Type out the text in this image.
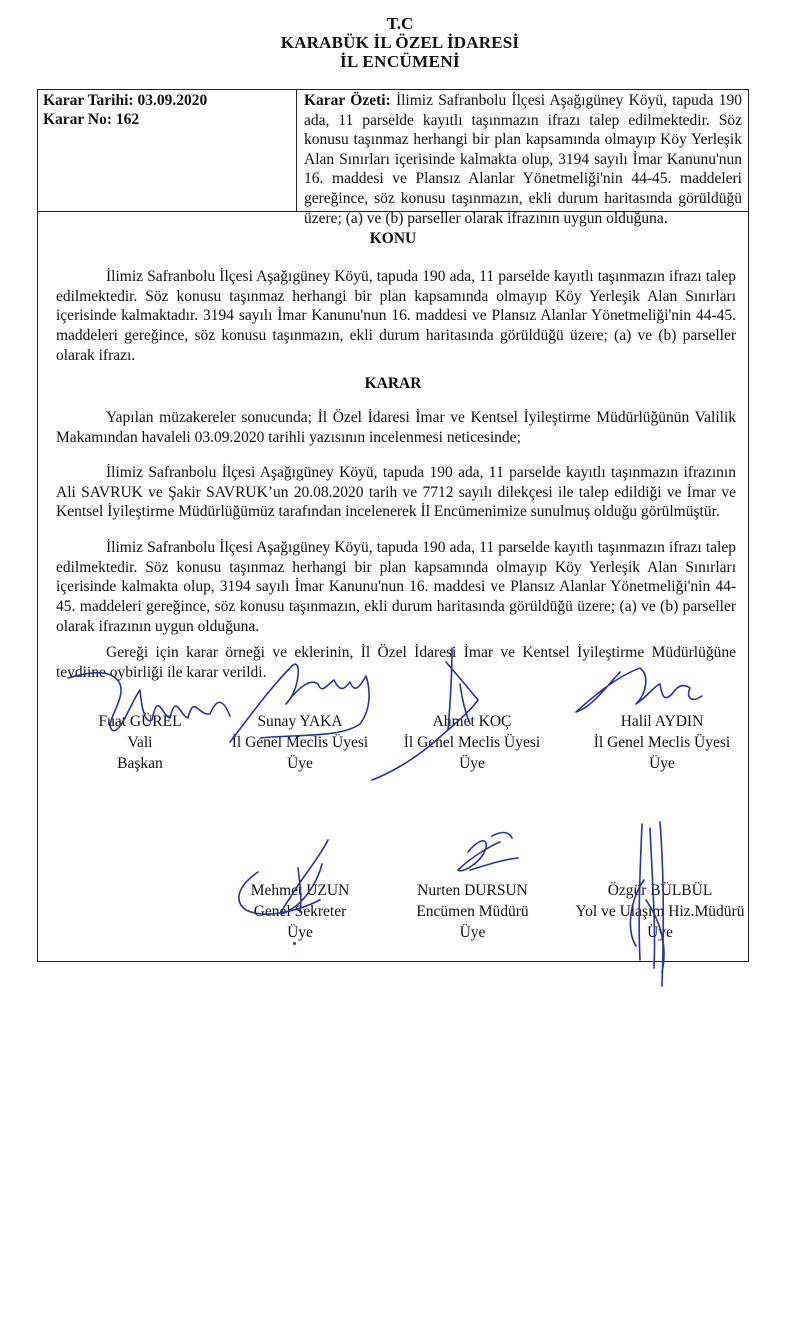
T.C
KARABÜK İL ÖZEL İDARESİ
İL ENCÜMENİ
Karar Tarihi: 03.09.2020
Karar No: 162
Karar Özeti: İlimiz Safranbolu İlçesi Aşağıgüney Köyü, tapuda 190 ada, 11 parselde kayıtlı taşınmazın ifrazı talep edilmektedir. Söz konusu taşınmaz herhangi bir plan kapsamında olmayıp Köy Yerleşik Alan Sınırları içerisinde kalmakta olup, 3194 sayılı İmar Kanunu'nun 16. maddesi ve Plansız Alanlar Yönetmeliği'nin 44-45. maddeleri gereğince, söz konusu taşınmazın, ekli durum haritasında görüldüğü üzere; (a) ve (b) parseller olarak ifrazının uygun olduğuna.
KONU
İlimiz Safranbolu İlçesi Aşağıgüney Köyü, tapuda 190 ada, 11 parselde kayıtlı taşınmazın ifrazı talep edilmektedir. Söz konusu taşınmaz herhangi bir plan kapsamında olmayıp Köy Yerleşik Alan Sınırları içerisinde kalmaktadır. 3194 sayılı İmar Kanunu'nun 16. maddesi ve Plansız Alanlar Yönetmeliği'nin 44-45. maddeleri gereğince, söz konusu taşınmazın, ekli durum haritasında görüldüğü üzere; (a) ve (b) parseller olarak ifrazı.
KARAR
Yapılan müzakereler sonucunda; İl Özel İdaresi İmar ve Kentsel İyileştirme Müdürlüğünün Valilik Makamından havaleli 03.09.2020 tarihli yazısının incelenmesi neticesinde;
İlimiz Safranbolu İlçesi Aşağıgüney Köyü, tapuda 190 ada, 11 parselde kayıtlı taşınmazın ifrazının Ali SAVRUK ve Şakir SAVRUK’un 20.08.2020 tarih ve 7712 sayılı dilekçesi ile talep edildiği ve İmar ve Kentsel İyileştirme Müdürlüğümüz tarafından incelenerek İl Encümenimize sunulmuş olduğu görülmüştür.
İlimiz Safranbolu İlçesi Aşağıgüney Köyü, tapuda 190 ada, 11 parselde kayıtlı taşınmazın ifrazı talep edilmektedir. Söz konusu taşınmaz herhangi bir plan kapsamında olmayıp Köy Yerleşik Alan Sınırları içerisinde kalmakta olup, 3194 sayılı İmar Kanunu'nun 16. maddesi ve Plansız Alanlar Yönetmeliği'nin 44-45. maddeleri gereğince, söz konusu taşınmazın, ekli durum haritasında görüldüğü üzere; (a) ve (b) parseller olarak ifrazının uygun olduğuna.
Gereği için karar örneği ve eklerinin, İl Özel İdaresi İmar ve Kentsel İyileştirme Müdürlüğüne tevdiine oybirliği ile karar verildi.
Fuat GÜREL
Vali
Başkan
Sunay YAKA
İl Genel Meclis Üyesi
Üye
Ahmet KOÇ
İl Genel Meclis Üyesi
Üye
Halil AYDIN
İl Genel Meclis Üyesi
Üye
Mehmet UZUN
Genel Sekreter
Üye
Nurten DURSUN
Encümen Müdürü
Üye
Özgür BÜLBÜL
Yol ve Ulaşım Hiz.Müdürü
Üye
